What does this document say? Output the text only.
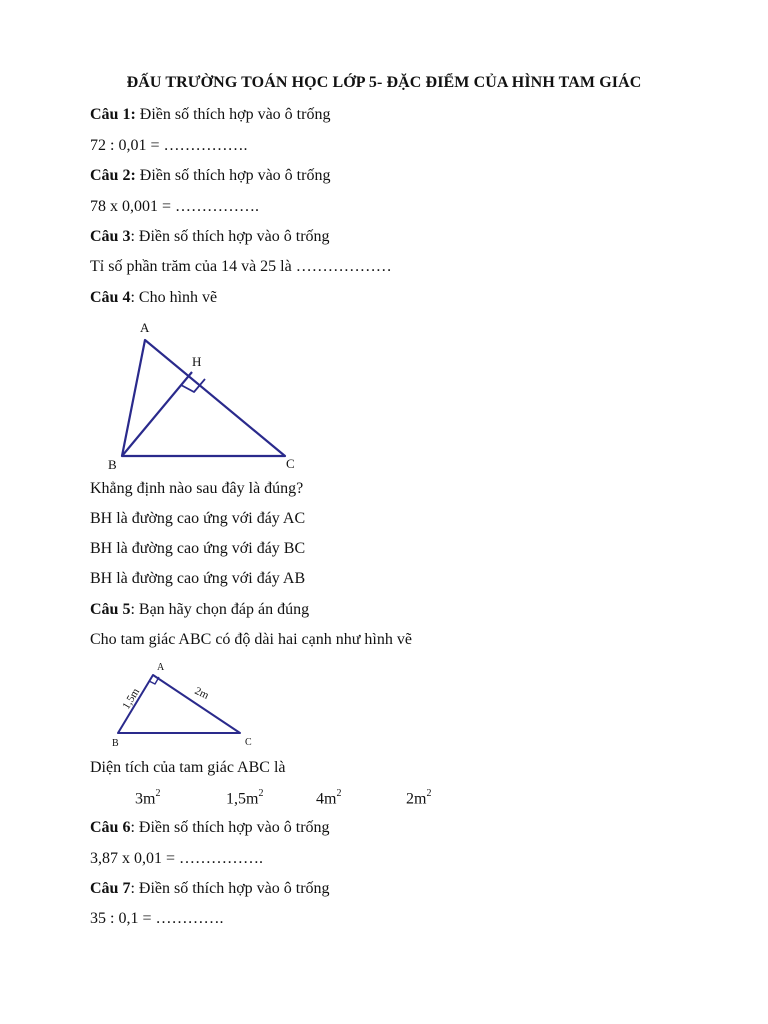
ĐẤU TRƯỜNG TOÁN HỌC LỚP 5- ĐẶC ĐIỂM CỦA HÌNH TAM GIÁC
Câu 1: Điền số thích hợp vào ô trống
72 : 0,01 = …………….
Câu 2: Điền số thích hợp vào ô trống
78 x 0,001 = …………….
Câu 3: Điền số thích hợp vào ô trống
Tỉ số phần trăm của 14 và 25 là ………………
Câu 4: Cho hình vẽ
A
H
B	C
Khẳng định nào sau đây là đúng?
BH là đường cao ứng với đáy AC
BH là đường cao ứng với đáy BC
BH là đường cao ứng với đáy AB
Câu 5: Bạn hãy chọn đáp án đúng
Cho tam giác ABC có độ dài hai cạnh như hình vẽ
A
B	C
1,5m	2m
Diện tích của tam giác ABC là
$3m^2$	$1,5m^2$	$4m^2$	$2m^2$
Câu 6: Điền số thích hợp vào ô trống
3,87 x 0,01 = …………….
Câu 7: Điền số thích hợp vào ô trống
35 : 0,1 = ………….
